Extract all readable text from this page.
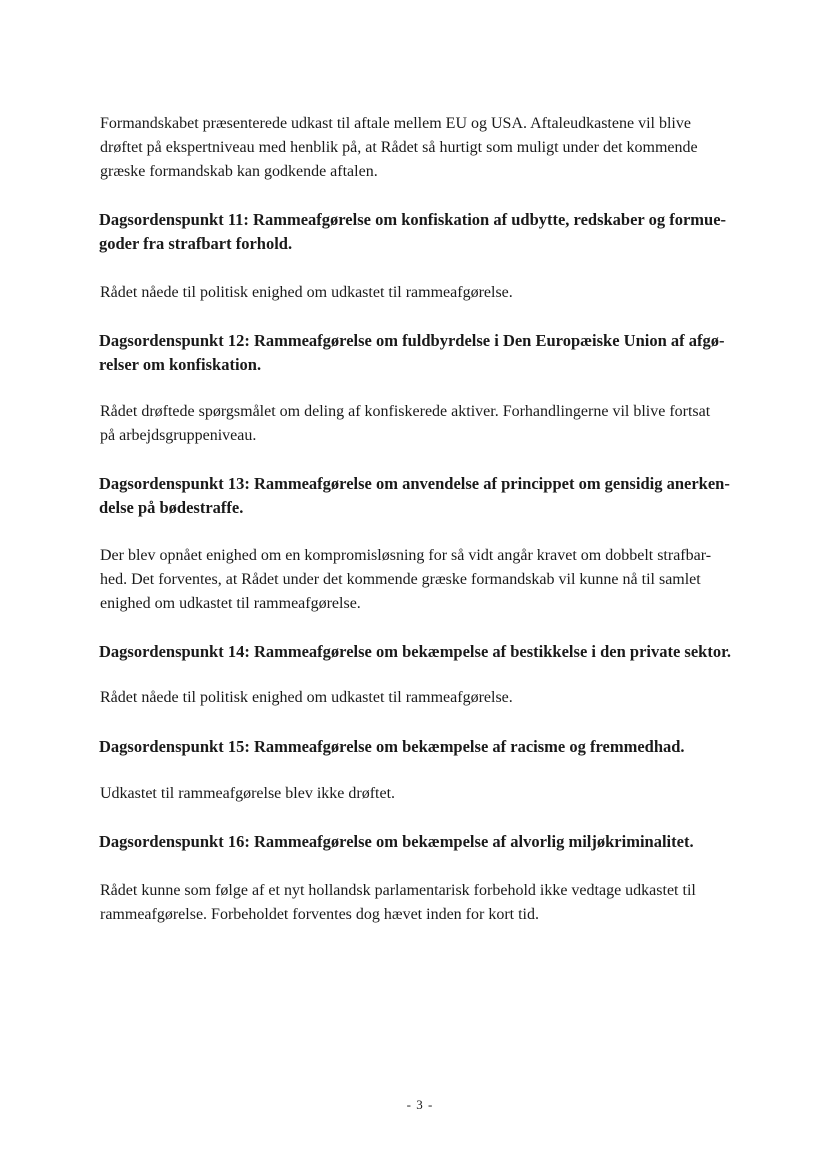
Formandskabet præsenterede udkast til aftale mellem EU og USA. Aftaleudkastene vil blive
drøftet på ekspertniveau med henblik på, at Rådet så hurtigt som muligt under det kommende
græske formandskab kan godkende aftalen.

Dagsordenspunkt 11: Rammeafgørelse om konfiskation af udbytte, redskaber og formue-
goder fra strafbart forhold.

Rådet nåede til politisk enighed om udkastet til rammeafgørelse.

Dagsordenspunkt 12: Rammeafgørelse om fuldbyrdelse i Den Europæiske Union af afgø-
relser om konfiskation.

Rådet drøftede spørgsmålet om deling af konfiskerede aktiver. Forhandlingerne vil blive fortsat
på arbejdsgruppeniveau.

Dagsordenspunkt 13: Rammeafgørelse om anvendelse af princippet om gensidig anerken-
delse på bødestraffe.

Der blev opnået enighed om en kompromisløsning for så vidt angår kravet om dobbelt strafbar-
hed. Det forventes, at Rådet under det kommende græske formandskab vil kunne nå til samlet
enighed om udkastet til rammeafgørelse.

Dagsordenspunkt 14: Rammeafgørelse om bekæmpelse af bestikkelse i den private sektor.

Rådet nåede til politisk enighed om udkastet til rammeafgørelse.

Dagsordenspunkt 15: Rammeafgørelse om bekæmpelse af racisme og fremmedhad.

Udkastet til rammeafgørelse blev ikke drøftet.

Dagsordenspunkt 16: Rammeafgørelse om bekæmpelse af alvorlig miljøkriminalitet.

Rådet kunne som følge af et nyt hollandsk parlamentarisk forbehold ikke vedtage udkastet til
rammeafgørelse. Forbeholdet forventes dog hævet inden for kort tid.

- 3 -
